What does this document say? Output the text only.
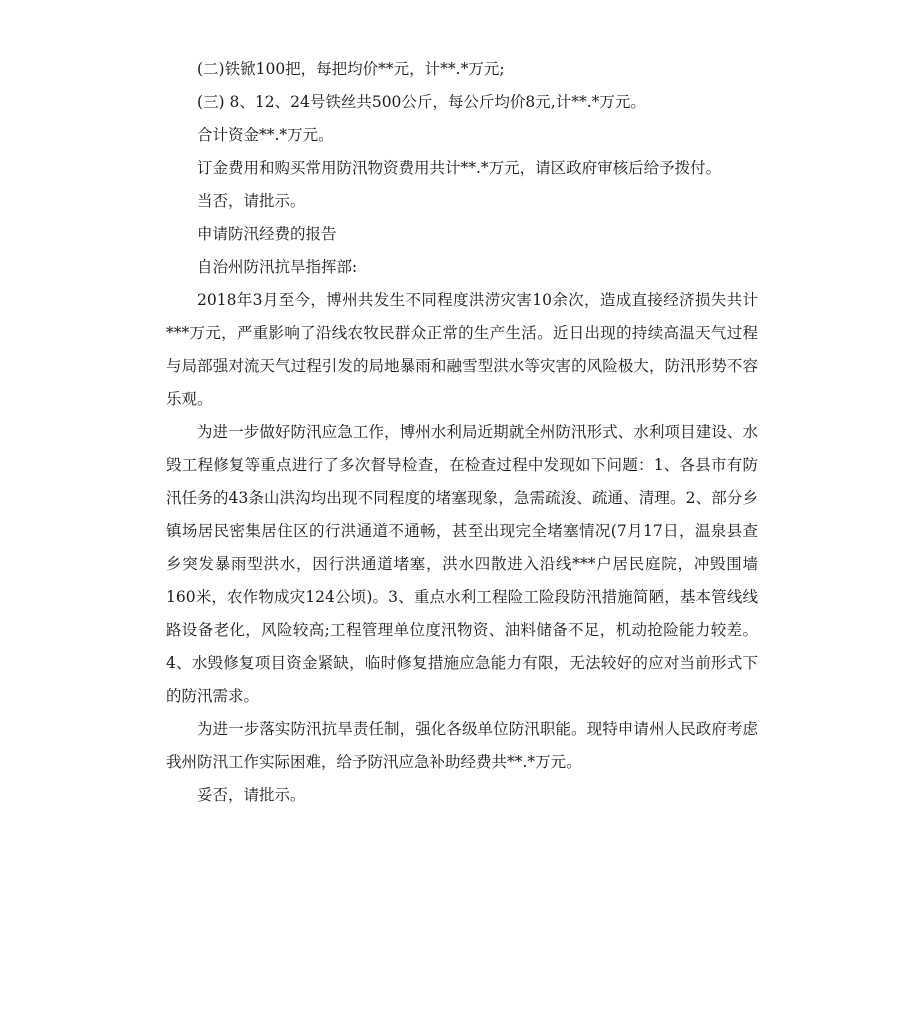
(二)铁锨100把，每把均价**元，计**.*万元;

(三) 8、12、24号铁丝共500公斤，每公斤均价8元,计**.*万元。

合计资金**.*万元。

订金费用和购买常用防汛物资费用共计**.*万元，请区政府审核后给予拨付。

当否，请批示。

申请防汛经费的报告

自治州防汛抗旱指挥部:

2018年3月至今，博州共发生不同程度洪涝灾害10余次，造成直接经济损失共计***万元，严重影响了沿线农牧民群众正常的生产生活。近日出现的持续高温天气过程与局部强对流天气过程引发的局地暴雨和融雪型洪水等灾害的风险极大，防汛形势不容乐观。

为进一步做好防汛应急工作，博州水利局近期就全州防汛形式、水利项目建设、水毁工程修复等重点进行了多次督导检查，在检查过程中发现如下问题：1、各县市有防汛任务的43条山洪沟均出现不同程度的堵塞现象，急需疏浚、疏通、清理。2、部分乡镇场居民密集居住区的行洪通道不通畅，甚至出现完全堵塞情况(7月17日，温泉县查乡突发暴雨型洪水，因行洪通道堵塞，洪水四散进入沿线***户居民庭院，冲毁围墙160米，农作物成灾124公顷)。3、重点水利工程险工险段防汛措施简陋，基本管线线路设备老化，风险较高;工程管理单位度汛物资、油料储备不足，机动抢险能力较差。4、水毁修复项目资金紧缺，临时修复措施应急能力有限，无法较好的应对当前形式下的防汛需求。

为进一步落实防汛抗旱责任制，强化各级单位防汛职能。现特申请州人民政府考虑我州防汛工作实际困难，给予防汛应急补助经费共**.*万元。

妥否，请批示。
